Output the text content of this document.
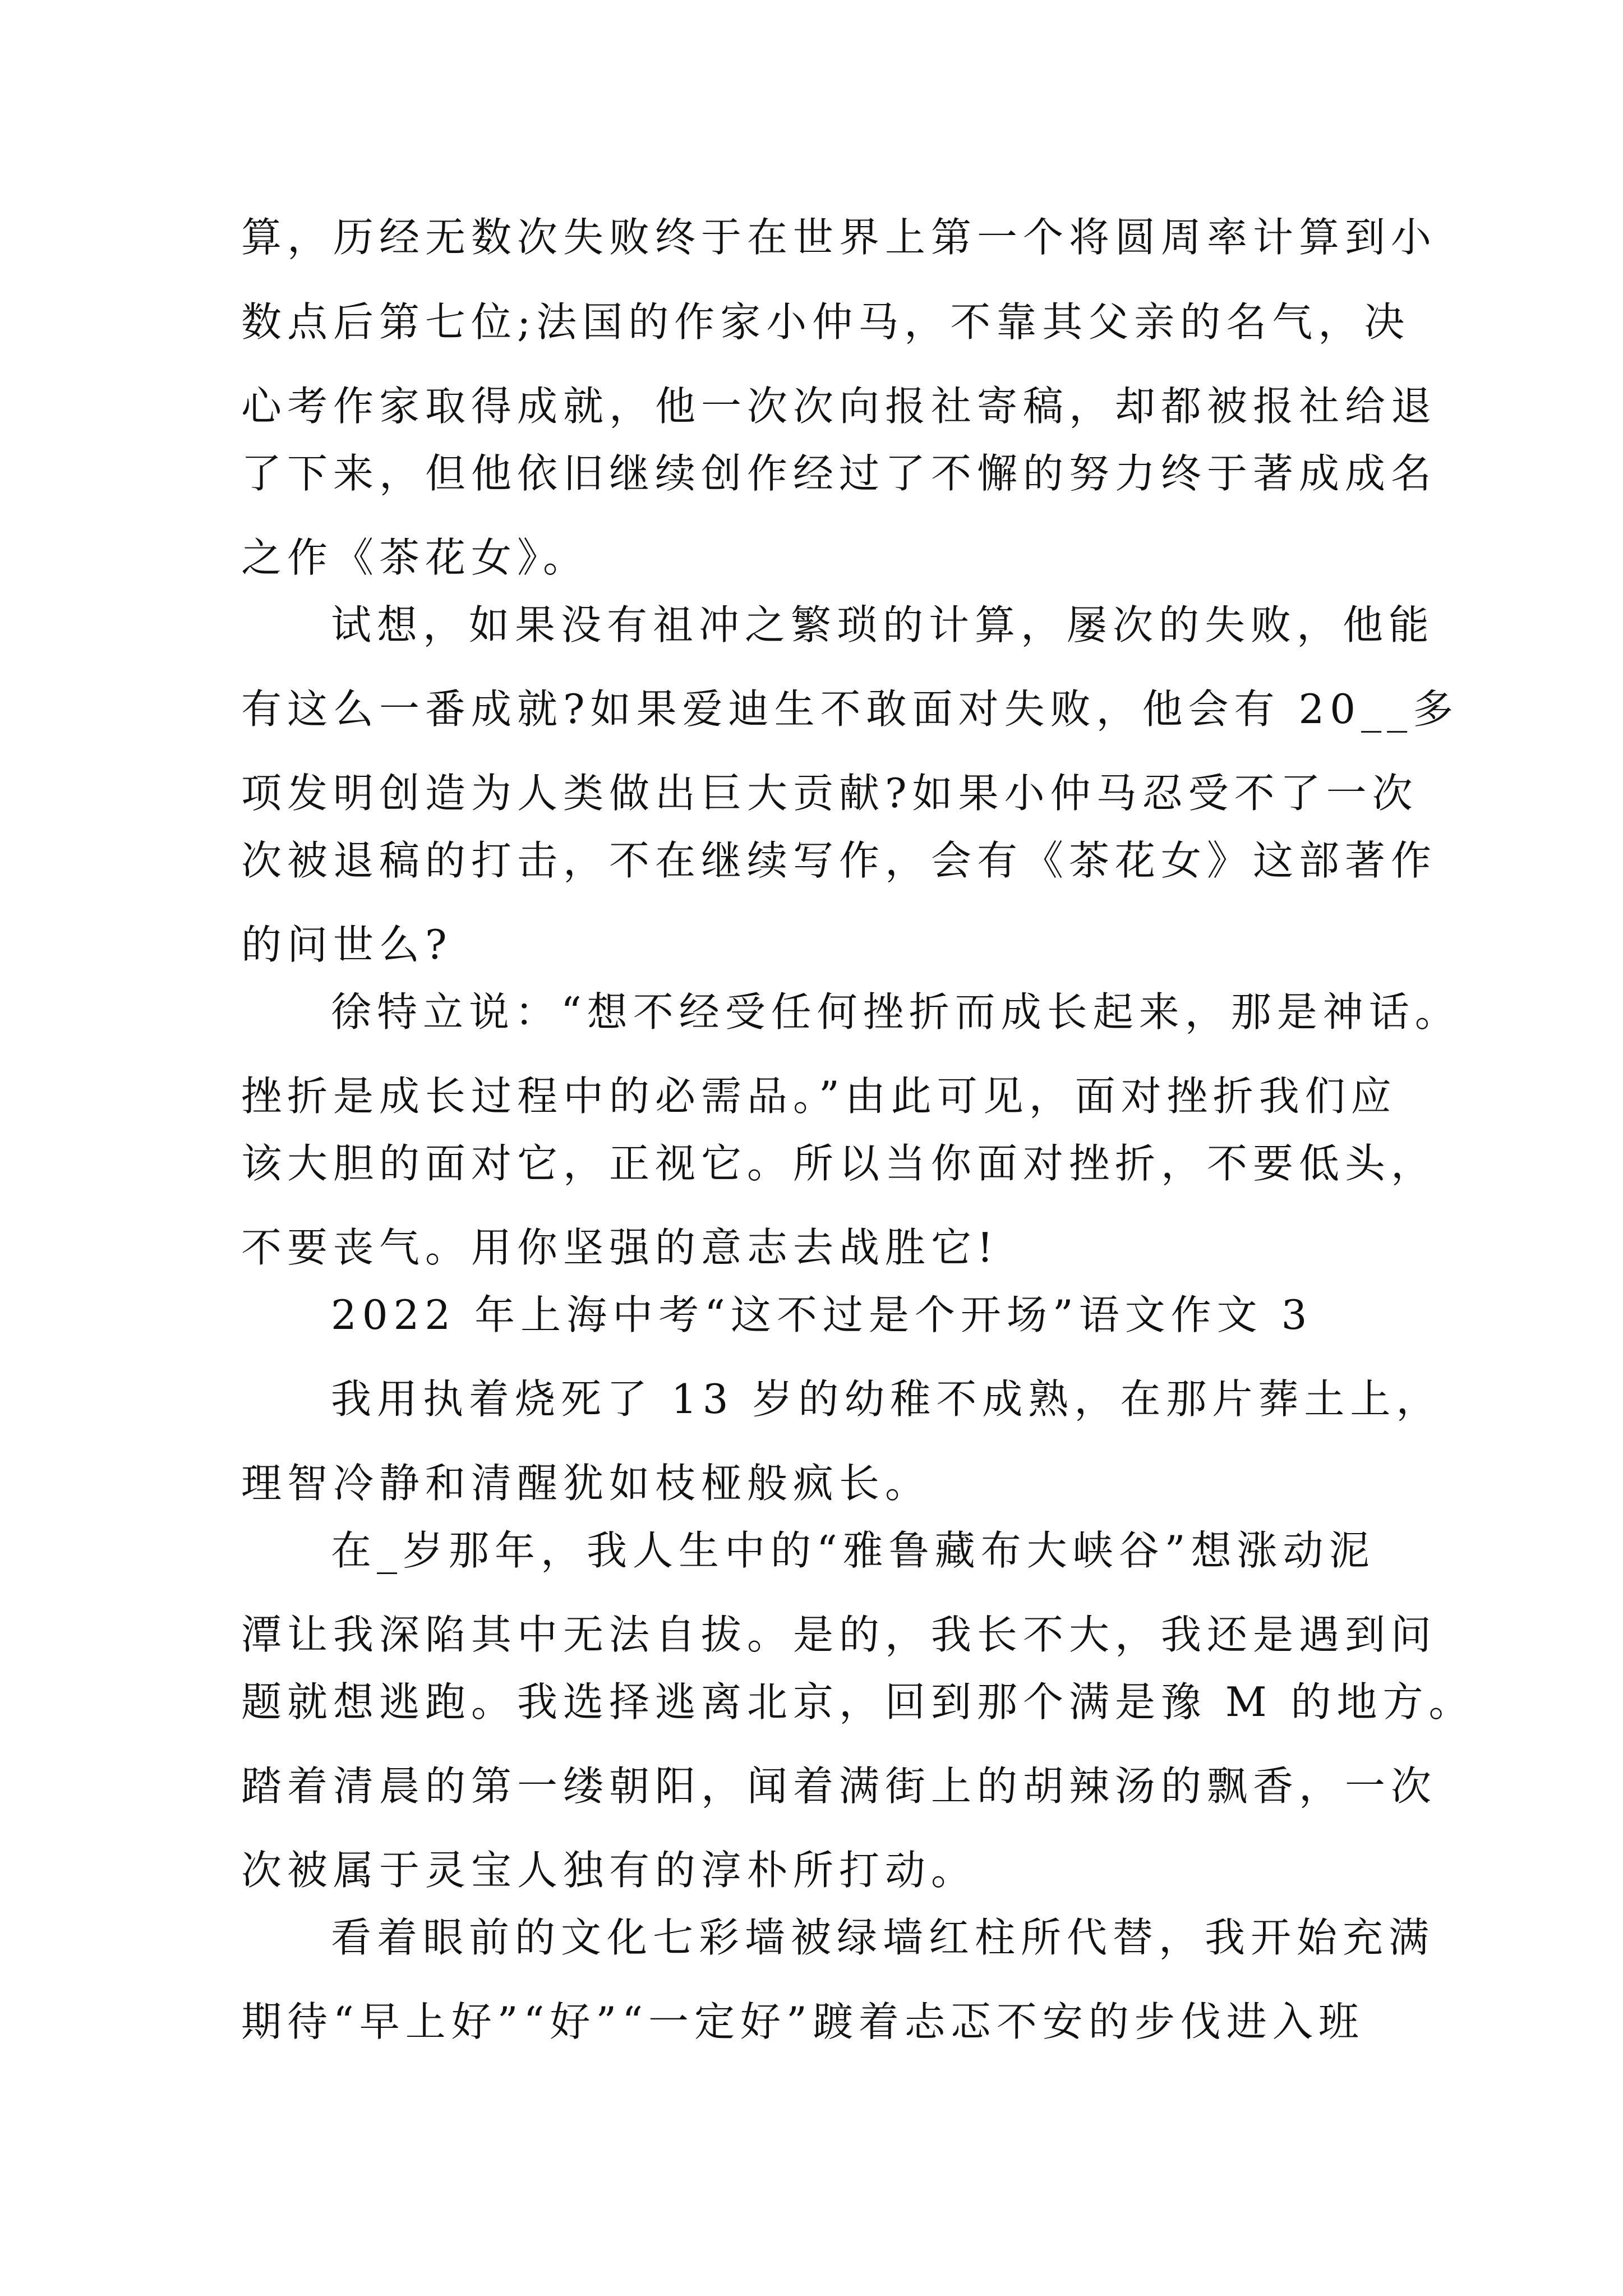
算，历经无数次失败终于在世界上第一个将圆周率计算到小
数点后第七位;法国的作家小仲马，不靠其父亲的名气，决
心考作家取得成就，他一次次向报社寄稿，却都被报社给退
了下来，但他依旧继续创作经过了不懈的努力终于著成成名
之作《茶花女》。
试想，如果没有祖冲之繁琐的计算，屡次的失败，他能
有这么一番成就?如果爱迪生不敢面对失败，他会有 20__多
项发明创造为人类做出巨大贡献?如果小仲马忍受不了一次
次被退稿的打击，不在继续写作，会有《茶花女》这部著作
的问世么?
徐特立说：“想不经受任何挫折而成长起来，那是神话。
挫折是成长过程中的必需品。”由此可见，面对挫折我们应
该大胆的面对它，正视它。所以当你面对挫折，不要低头，
不要丧气。用你坚强的意志去战胜它!
2022 年上海中考“这不过是个开场”语文作文 3
我用执着烧死了 13 岁的幼稚不成熟，在那片葬土上，
理智冷静和清醒犹如枝桠般疯长。
在_岁那年，我人生中的“雅鲁藏布大峡谷”想涨动泥
潭让我深陷其中无法自拔。是的，我长不大，我还是遇到问
题就想逃跑。我选择逃离北京，回到那个满是豫 M 的地方。
踏着清晨的第一缕朝阳，闻着满街上的胡辣汤的飘香，一次
次被属于灵宝人独有的淳朴所打动。
看着眼前的文化七彩墙被绿墙红柱所代替，我开始充满
期待“早上好”“好”“一定好”踱着忐忑不安的步伐进入班
